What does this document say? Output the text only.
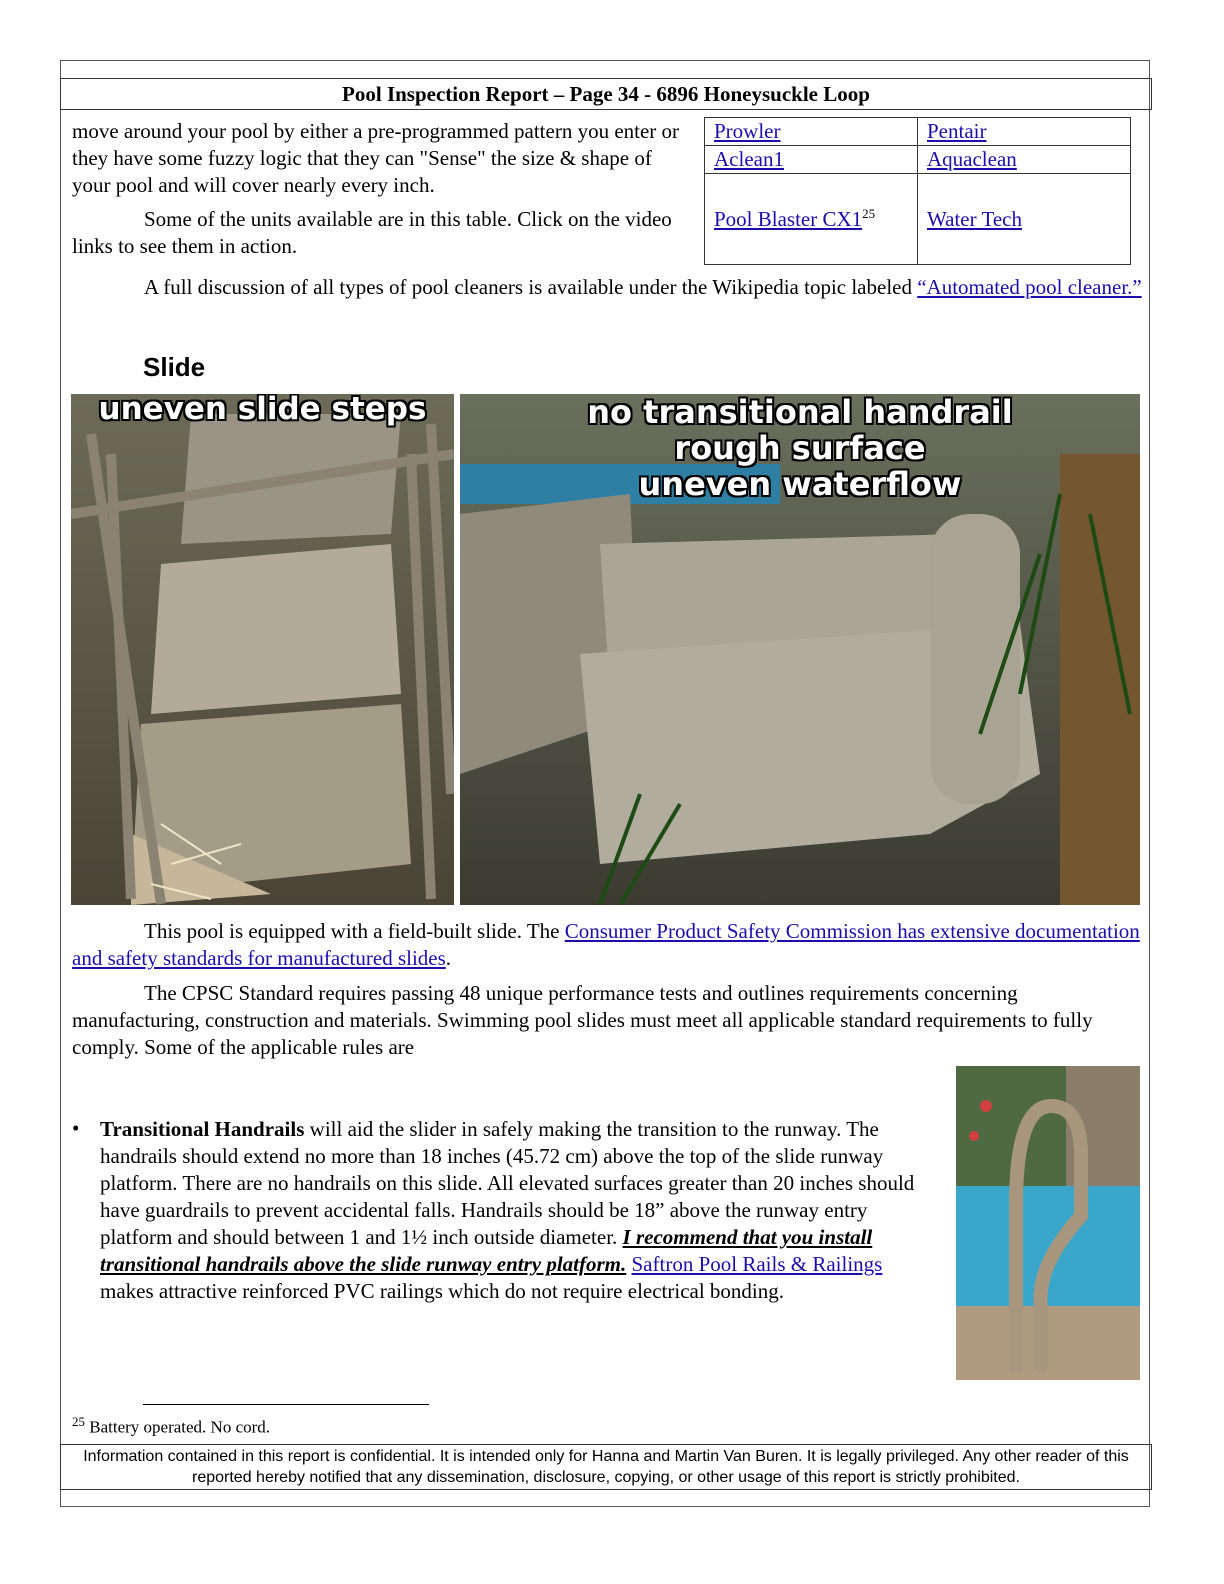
Pool Inspection Report – Page 34 - 6896 Honeysuckle Loop
move around your pool by either a pre-programmed pattern you enter or they have some fuzzy logic that they can "Sense" the size & shape of your pool and will cover nearly every inch.
Some of the units available are in this table. Click on the video links to see them in action.
Prowler	Pentair
Aclean1	Aquaclean
Pool Blaster $CX1^{25}$	Water Tech
A full discussion of all types of pool cleaners is available under the Wikipedia topic labeled “Automated pool cleaner.”
Slide
uneven slide steps	no transitional handrail
rough surface
uneven waterflow
This pool is equipped with a field-built slide. The Consumer Product Safety Commission has extensive documentation and safety standards for manufactured slides.
The CPSC Standard requires passing 48 unique performance tests and outlines requirements concerning manufacturing, construction and materials. Swimming pool slides must meet all applicable standard requirements to fully comply. Some of the applicable rules are
• Transitional Handrails will aid the slider in safely making the transition to the runway. The handrails should extend no more than 18 inches (45.72 cm) above the top of the slide runway platform. There are no handrails on this slide. All elevated surfaces greater than 20 inches should have guardrails to prevent accidental falls. Handrails should be 18” above the runway entry platform and should between 1 and 1½ inch outside diameter. I recommend that you install transitional handrails above the slide runway entry platform. Saftron Pool Rails & Railings makes attractive reinforced PVC railings which do not require electrical bonding.
$^{25}$ Battery operated. No cord.
Information contained in this report is confidential. It is intended only for Hanna and Martin Van Buren. It is legally privileged. Any other reader of this reported hereby notified that any dissemination, disclosure, copying, or other usage of this report is strictly prohibited.
